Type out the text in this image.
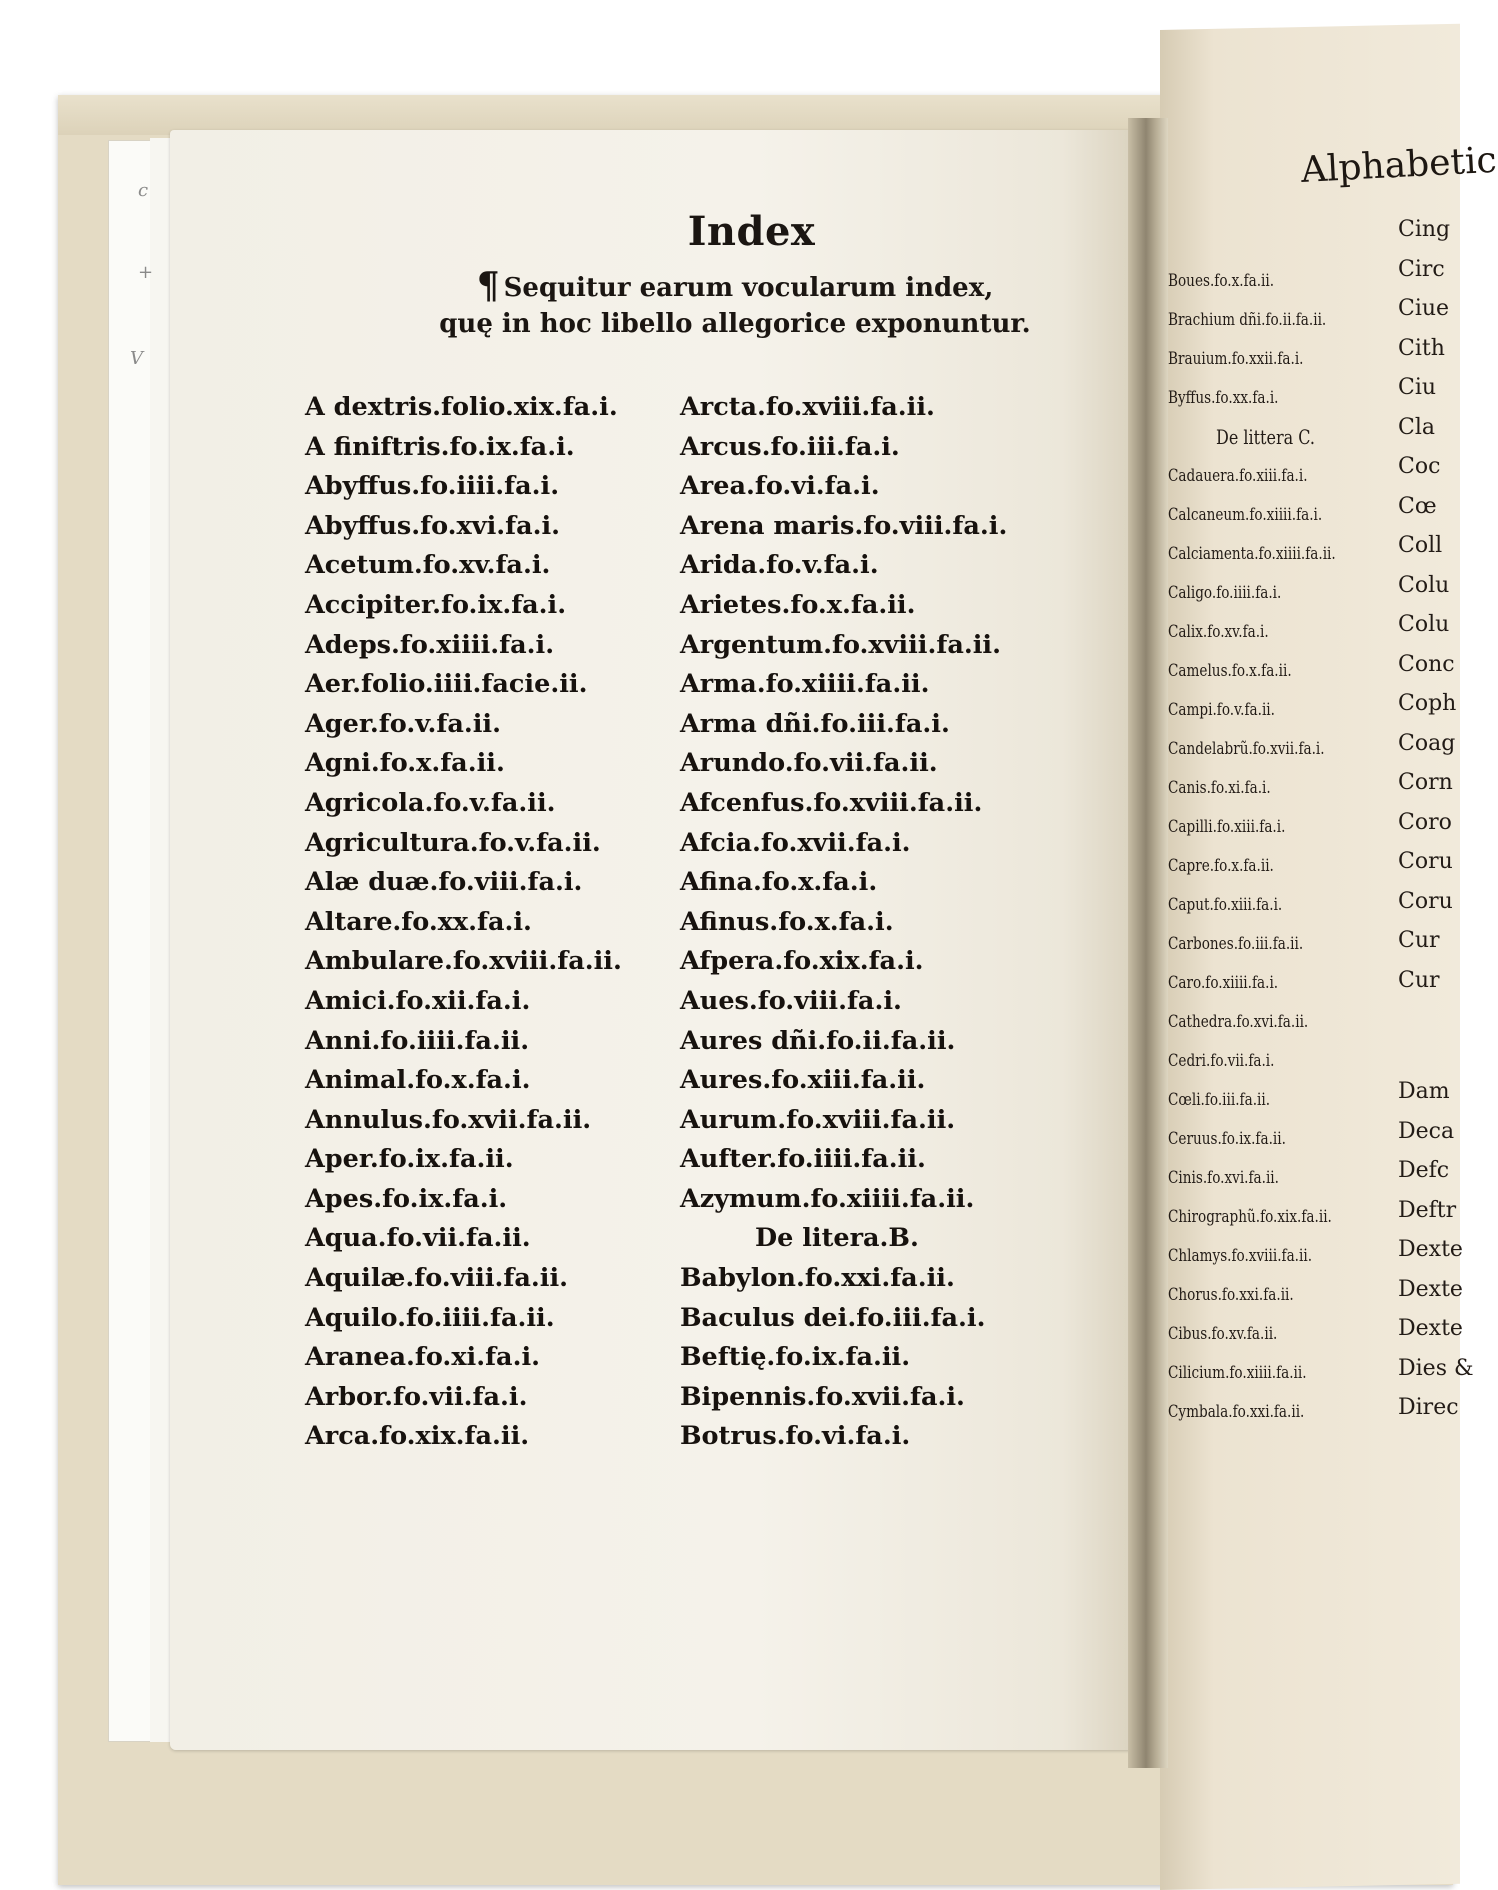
c
+
V
Index
¶ Sequitur earum vocularum index,
quę in hoc libello allegorice exponuntur.
A dextris.folio.xix.fa.i.
A finiftris.fo.ix.fa.i.
Abyffus.fo.iiii.fa.i.
Abyffus.fo.xvi.fa.i.
Acetum.fo.xv.fa.i.
Accipiter.fo.ix.fa.i.
Adeps.fo.xiiii.fa.i.
Aer.folio.iiii.facie.ii.
Ager.fo.v.fa.ii.
Agni.fo.x.fa.ii.
Agricola.fo.v.fa.ii.
Agricultura.fo.v.fa.ii.
Alæ duæ.fo.viii.fa.i.
Altare.fo.xx.fa.i.
Ambulare.fo.xviii.fa.ii.
Amici.fo.xii.fa.i.
Anni.fo.iiii.fa.ii.
Animal.fo.x.fa.i.
Annulus.fo.xvii.fa.ii.
Aper.fo.ix.fa.ii.
Apes.fo.ix.fa.i.
Aqua.fo.vii.fa.ii.
Aquilæ.fo.viii.fa.ii.
Aquilo.fo.iiii.fa.ii.
Aranea.fo.xi.fa.i.
Arbor.fo.vii.fa.i.
Arca.fo.xix.fa.ii.
Arcta.fo.xviii.fa.ii.
Arcus.fo.iii.fa.i.
Area.fo.vi.fa.i.
Arena maris.fo.viii.fa.i.
Arida.fo.v.fa.i.
Arietes.fo.x.fa.ii.
Argentum.fo.xviii.fa.ii.
Arma.fo.xiiii.fa.ii.
Arma dñi.fo.iii.fa.i.
Arundo.fo.vii.fa.ii.
Afcenfus.fo.xviii.fa.ii.
Afcia.fo.xvii.fa.i.
Afina.fo.x.fa.i.
Afinus.fo.x.fa.i.
Afpera.fo.xix.fa.i.
Aues.fo.viii.fa.i.
Aures dñi.fo.ii.fa.ii.
Aures.fo.xiii.fa.ii.
Aurum.fo.xviii.fa.ii.
Aufter.fo.iiii.fa.ii.
Azymum.fo.xiiii.fa.ii.
De litera.B.
Babylon.fo.xxi.fa.ii.
Baculus dei.fo.iii.fa.i.
Beftię.fo.ix.fa.ii.
Bipennis.fo.xvii.fa.i.
Botrus.fo.vi.fa.i.
Alphabetic
Boues.fo.x.fa.ii.
Brachium dñi.fo.ii.fa.ii.
Brauium.fo.xxii.fa.i.
Byffus.fo.xx.fa.i.
De littera C.
Cadauera.fo.xiii.fa.i.
Calcaneum.fo.xiiii.fa.i.
Calciamenta.fo.xiiii.fa.ii.
Caligo.fo.iiii.fa.i.
Calix.fo.xv.fa.i.
Camelus.fo.x.fa.ii.
Campi.fo.v.fa.ii.
Candelabrũ.fo.xvii.fa.i.
Canis.fo.xi.fa.i.
Capilli.fo.xiii.fa.i.
Capre.fo.x.fa.ii.
Caput.fo.xiii.fa.i.
Carbones.fo.iii.fa.ii.
Caro.fo.xiiii.fa.i.
Cathedra.fo.xvi.fa.ii.
Cedri.fo.vii.fa.i.
Cœli.fo.iii.fa.ii.
Ceruus.fo.ix.fa.ii.
Cinis.fo.xvi.fa.ii.
Chirographũ.fo.xix.fa.ii.
Chlamys.fo.xviii.fa.ii.
Chorus.fo.xxi.fa.ii.
Cibus.fo.xv.fa.ii.
Cilicium.fo.xiiii.fa.ii.
Cymbala.fo.xxi.fa.ii.
Cing
Circ
Ciue
Cith
Ciu
Cla
Coc
Cœ
Coll
Colu
Colu
Conc
Coph
Coag
Corn
Coro
Coru
Coru
Cur
Cur
Dam
Deca
Defc
Deftr
Dexte
Dexte
Dexte
Dies &
Direc
